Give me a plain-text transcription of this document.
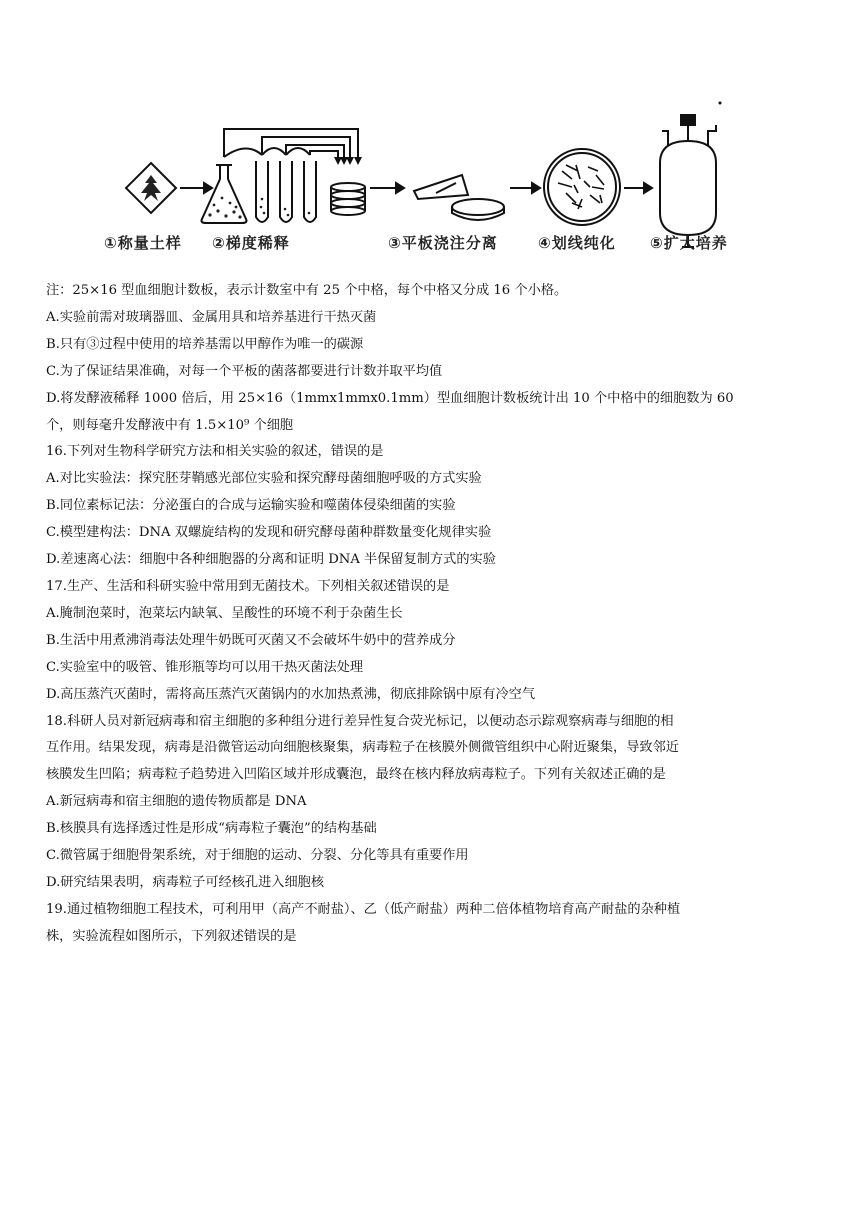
①称量土样 ②梯度稀释	③平板浇注分离	④划线纯化 ⑤扩大培养
注：25×16 型血细胞计数板，表示计数室中有 25 个中格，每个中格又分成 16 个小格。
A.实验前需对玻璃器皿、金属用具和培养基进行干热灭菌
B.只有③过程中使用的培养基需以甲醇作为唯一的碳源
C.为了保证结果准确，对每一个平板的菌落都要进行计数并取平均值
D.将发酵液稀释 1000 倍后，用 25×16（1mmx1mmx0.1mm）型血细胞计数板统计出 10 个中格中的细胞数为 60
个，则每毫升发酵液中有 1.5×10⁹ 个细胞
16.下列对生物科学研究方法和相关实验的叙述，错误的是
A.对比实验法：探究胚芽鞘感光部位实验和探究酵母菌细胞呼吸的方式实验
B.同位素标记法：分泌蛋白的合成与运输实验和噬菌体侵染细菌的实验
C.模型建构法：DNA 双螺旋结构的发现和研究酵母菌种群数量变化规律实验
D.差速离心法：细胞中各种细胞器的分离和证明 DNA 半保留复制方式的实验
17.生产、生活和科研实验中常用到无菌技术。下列相关叙述错误的是
A.腌制泡菜时，泡菜坛内缺氧、呈酸性的环境不利于杂菌生长
B.生活中用煮沸消毒法处理牛奶既可灭菌又不会破坏牛奶中的营养成分
C.实验室中的吸管、锥形瓶等均可以用干热灭菌法处理
D.高压蒸汽灭菌时，需将高压蒸汽灭菌锅内的水加热煮沸，彻底排除锅中原有冷空气
18.科研人员对新冠病毒和宿主细胞的多种组分进行差异性复合荧光标记，以便动态示踪观察病毒与细胞的相
互作用。结果发现，病毒是沿微管运动向细胞核聚集，病毒粒子在核膜外侧微管组织中心附近聚集，导致邻近
核膜发生凹陷；病毒粒子趋势进入凹陷区域并形成囊泡，最终在核内释放病毒粒子。下列有关叙述正确的是
A.新冠病毒和宿主细胞的遗传物质都是 DNA
B.核膜具有选择透过性是形成“病毒粒子囊泡”的结构基础
C.微管属于细胞骨架系统，对于细胞的运动、分裂、分化等具有重要作用
D.研究结果表明，病毒粒子可经核孔进入细胞核
19.通过植物细胞工程技术，可利用甲（高产不耐盐）、乙（低产耐盐）两种二倍体植物培育高产耐盐的杂种植
株，实验流程如图所示，下列叙述错误的是
